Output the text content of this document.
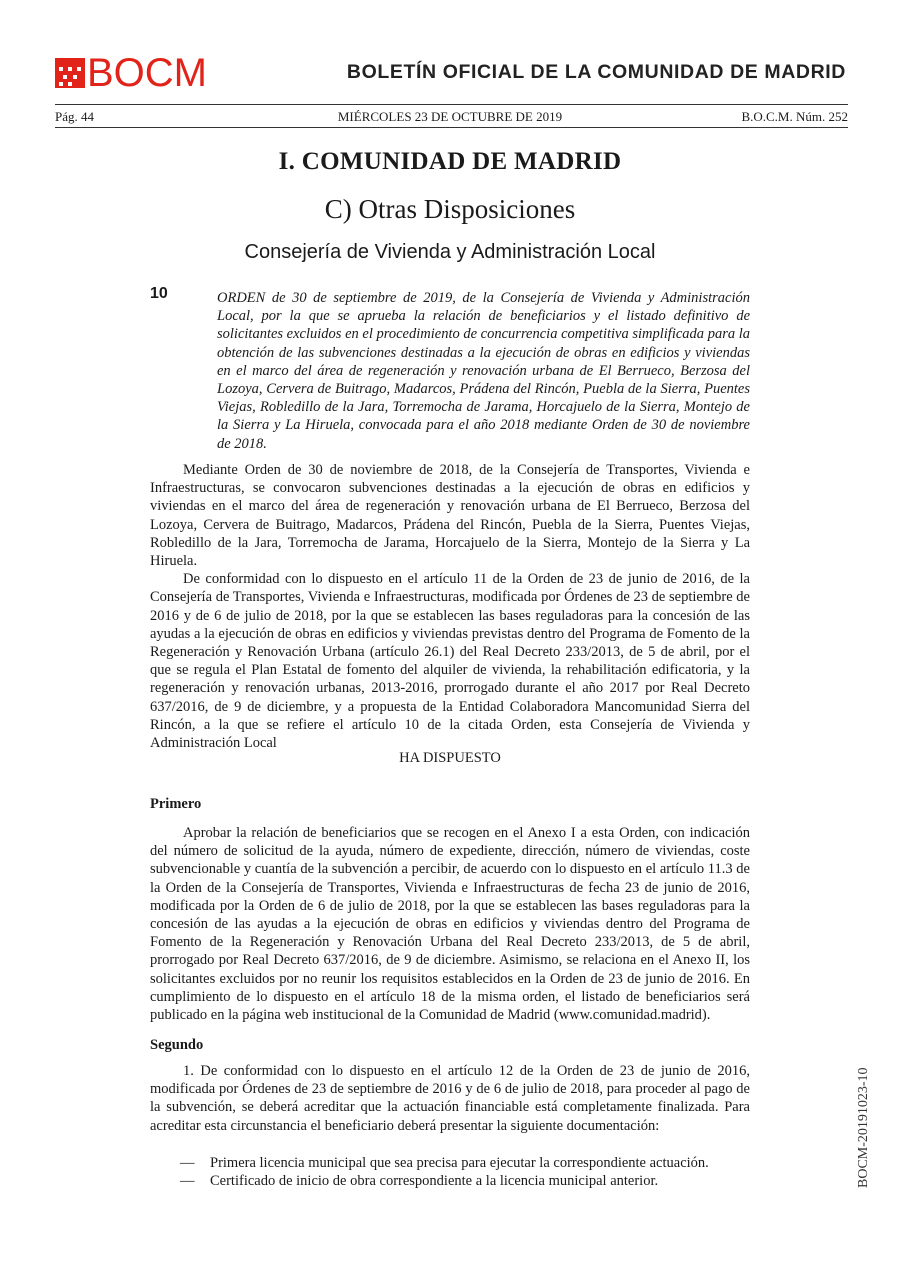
BOCM	BOLETÍN OFICIAL DE LA COMUNIDAD DE MADRID
Pág. 44	MIÉRCOLES 23 DE OCTUBRE DE 2019	B.O.C.M. Núm. 252
I. COMUNIDAD DE MADRID
C) Otras Disposiciones
Consejería de Vivienda y Administración Local
10	ORDEN de 30 de septiembre de 2019, de la Consejería de Vivienda y Administración Local, por la que se aprueba la relación de beneficiarios y el listado definitivo de solicitantes excluidos en el procedimiento de concurrencia competitiva simplificada para la obtención de las subvenciones destinadas a la ejecución de obras en edificios y viviendas en el marco del área de regeneración y renovación urbana de El Berrueco, Berzosa del Lozoya, Cervera de Buitrago, Madarcos, Prádena del Rincón, Puebla de la Sierra, Puentes Viejas, Robledillo de la Jara, Torremocha de Jarama, Horcajuelo de la Sierra, Montejo de la Sierra y La Hiruela, convocada para el año 2018 mediante Orden de 30 de noviembre de 2018.

Mediante Orden de 30 de noviembre de 2018, de la Consejería de Transportes, Vivienda e Infraestructuras, se convocaron subvenciones destinadas a la ejecución de obras en edificios y viviendas en el marco del área de regeneración y renovación urbana de El Berrueco, Berzosa del Lozoya, Cervera de Buitrago, Madarcos, Prádena del Rincón, Puebla de la Sierra, Puentes Viejas, Robledillo de la Jara, Torremocha de Jarama, Horcajuelo de la Sierra, Montejo de la Sierra y La Hiruela.

De conformidad con lo dispuesto en el artículo 11 de la Orden de 23 de junio de 2016, de la Consejería de Transportes, Vivienda e Infraestructuras, modificada por Órdenes de 23 de septiembre de 2016 y de 6 de julio de 2018, por la que se establecen las bases reguladoras para la concesión de las ayudas a la ejecución de obras en edificios y viviendas previstas dentro del Programa de Fomento de la Regeneración y Renovación Urbana (artículo 26.1) del Real Decreto 233/2013, de 5 de abril, por el que se regula el Plan Estatal de fomento del alquiler de vivienda, la rehabilitación edificatoria, y la regeneración y renovación urbanas, 2013-2016, prorrogado durante el año 2017 por Real Decreto 637/2016, de 9 de diciembre, y a propuesta de la Entidad Colaboradora Mancomunidad Sierra del Rincón, a la que se refiere el artículo 10 de la citada Orden, esta Consejería de Vivienda y Administración Local

HA DISPUESTO
Primero

Aprobar la relación de beneficiarios que se recogen en el Anexo I a esta Orden, con indicación del número de solicitud de la ayuda, número de expediente, dirección, número de viviendas, coste subvencionable y cuantía de la subvención a percibir, de acuerdo con lo dispuesto en el artículo 11.3 de la Orden de la Consejería de Transportes, Vivienda e Infraestructuras de fecha 23 de junio de 2016, modificada por la Orden de 6 de julio de 2018, por la que se establecen las bases reguladoras para la concesión de las ayudas a la ejecución de obras en edificios y viviendas dentro del Programa de Fomento de la Regeneración y Renovación Urbana del Real Decreto 233/2013, de 5 de abril, prorrogado por Real Decreto 637/2016, de 9 de diciembre. Asimismo, se relaciona en el Anexo II, los solicitantes excluidos por no reunir los requisitos establecidos en la Orden de 23 de junio de 2016. En cumplimiento de lo dispuesto en el artículo 18 de la misma orden, el listado de beneficiarios será publicado en la página web institucional de la Comunidad de Madrid (www.comunidad.madrid).

Segundo

1. De conformidad con lo dispuesto en el artículo 12 de la Orden de 23 de junio de 2016, modificada por Órdenes de 23 de septiembre de 2016 y de 6 de julio de 2018, para proceder al pago de la subvención, se deberá acreditar que la actuación financiable está completamente finalizada. Para acreditar esta circunstancia el beneficiario deberá presentar la siguiente documentación:

—	Primera licencia municipal que sea precisa para ejecutar la correspondiente actuación.
—	Certificado de inicio de obra correspondiente a la licencia municipal anterior.	BOCM-20191023-10
